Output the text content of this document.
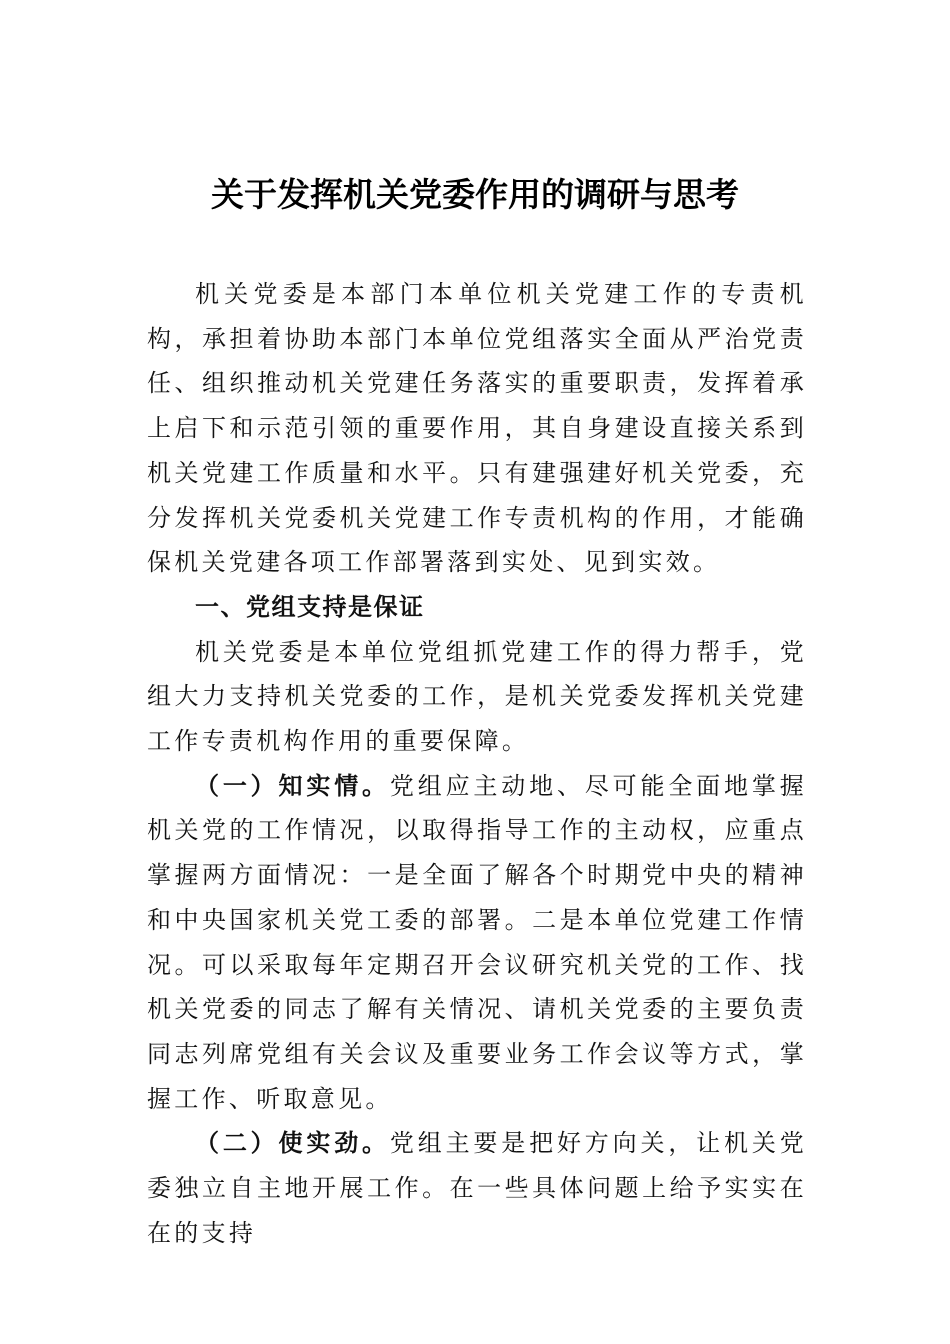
关于发挥机关党委作用的调研与思考

机关党委是本部门本单位机关党建工作的专责机构，承担着协助本部门本单位党组落实全面从严治党责任、组织推动机关党建任务落实的重要职责，发挥着承上启下和示范引领的重要作用，其自身建设直接关系到机关党建工作质量和水平。只有建强建好机关党委，充分发挥机关党委机关党建工作专责机构的作用，才能确保机关党建各项工作部署落到实处、见到实效。

一、党组支持是保证

机关党委是本单位党组抓党建工作的得力帮手，党组大力支持机关党委的工作，是机关党委发挥机关党建工作专责机构作用的重要保障。

（一）知实情。党组应主动地、尽可能全面地掌握机关党的工作情况，以取得指导工作的主动权，应重点掌握两方面情况：一是全面了解各个时期党中央的精神和中央国家机关党工委的部署。二是本单位党建工作情况。可以采取每年定期召开会议研究机关党的工作、找机关党委的同志了解有关情况、请机关党委的主要负责同志列席党组有关会议及重要业务工作会议等方式，掌握工作、听取意见。

（二）使实劲。党组主要是把好方向关，让机关党委独立自主地开展工作。在一些具体问题上给予实实在在的支持
